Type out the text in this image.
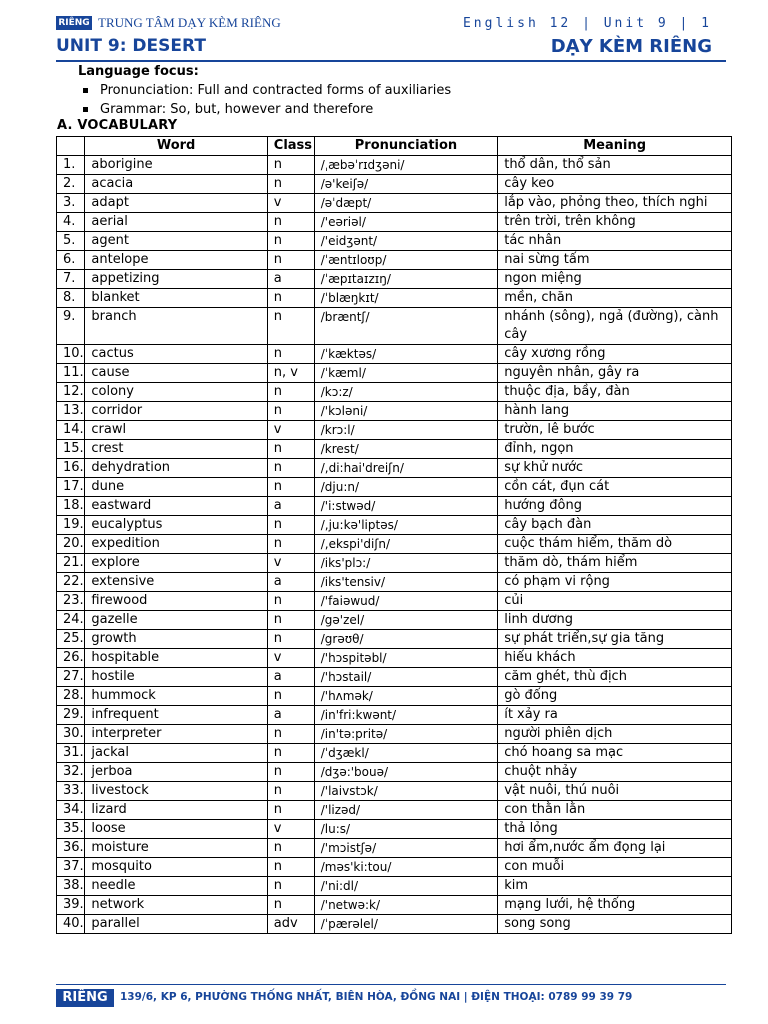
RIÊNG TRUNG TÂM DẠY KÈM RIÊNG	English 12 | Unit 9 | 1
UNIT 9: DESERT	DẠY KÈM RIÊNG
Language focus:
Pronunciation: Full and contracted forms of auxiliaries
Grammar: So, but, however and therefore
A. VOCABULARY
	Word	Class	Pronunciation	Meaning
1.	aborigine	n	/ˌæbəˈrɪdʒəni/	thổ dân, thổ sản
2.	acacia	n	/ə'keiʃə/	cây keo
3.	adapt	v	/əˈdæpt/	lắp vào, phỏng theo, thích nghi
4.	aerial	n	/'eəriəl/	trên trời, trên không
5.	agent	n	/'eidʒənt/	tác nhân
6.	antelope	n	/ˈæntɪloʊp/	nai sừng tấm
7.	appetizing	a	/ˈæpɪtaɪzɪŋ/	ngon miệng
8.	blanket	n	/ˈblæŋkɪt/	mền, chăn
9.	branch	n	/bræntʃ/	nhánh (sông), ngả (đường), cành cây
10.	cactus	n	/ˈkæktəs/	cây xương rồng
11.	cause	n, v	/ˈkæml/	nguyên nhân, gây ra
12.	colony	n	/kɔ:z/	thuộc địa, bầy, đàn
13.	corridor	n	/'kɔləni/	hành lang
14.	crawl	v	/krɔ:l/	trườn, lê bước
15.	crest	n	/krest/	đỉnh, ngọn
16.	dehydration	n	/,di:hai'dreiʃn/	sự khử nước
17.	dune	n	/dju:n/	cồn cát, đụn cát
18.	eastward	a	/'i:stwəd/	hướng đông
19.	eucalyptus	n	/,ju:kə'liptəs/	cây bạch đàn
20.	expedition	n	/,ekspi'diʃn/	cuộc thám hiểm, thăm dò
21.	explore	v	/iks'plɔ:/	thăm dò, thám hiểm
22.	extensive	a	/iks'tensiv/	có phạm vi rộng
23.	firewood	n	/'faiəwud/	củi
24.	gazelle	n	/gə'zel/	linh dương
25.	growth	n	/grəʊθ/	sự phát triển,sự gia tăng
26.	hospitable	v	/'hɔspitəbl/	hiếu khách
27.	hostile	a	/'hɔstail/	căm ghét, thù địch
28.	hummock	n	/'hʌmək/	gò đống
29.	infrequent	a	/in'fri:kwənt/	ít xảy ra
30.	interpreter	n	/in'tə:pritə/	người phiên dịch
31.	jackal	n	/ˈdʒækl/	chó hoang sa mạc
32.	jerboa	n	/dʒə:'bouə/	chuột nhảy
33.	livestock	n	/'laivstɔk/	vật nuôi, thú nuôi
34.	lizard	n	/'lizəd/	con thằn lằn
35.	loose	v	/lu:s/	thả lỏng
36.	moisture	n	/'mɔistʃə/	hơi ẩm,nước ẩm đọng lại
37.	mosquito	n	/məs'ki:tou/	con muỗi
38.	needle	n	/'ni:dl/	kim
39.	network	n	/'netwə:k/	mạng lưới, hệ thống
40.	parallel	adv	/ˈpærəlel/	song song
RIÊNG	139/6, KP 6, PHƯỜNG THỐNG NHẤT, BIÊN HÒA, ĐỒNG NAI | ĐIỆN THOẠI: 0789 99 39 79
